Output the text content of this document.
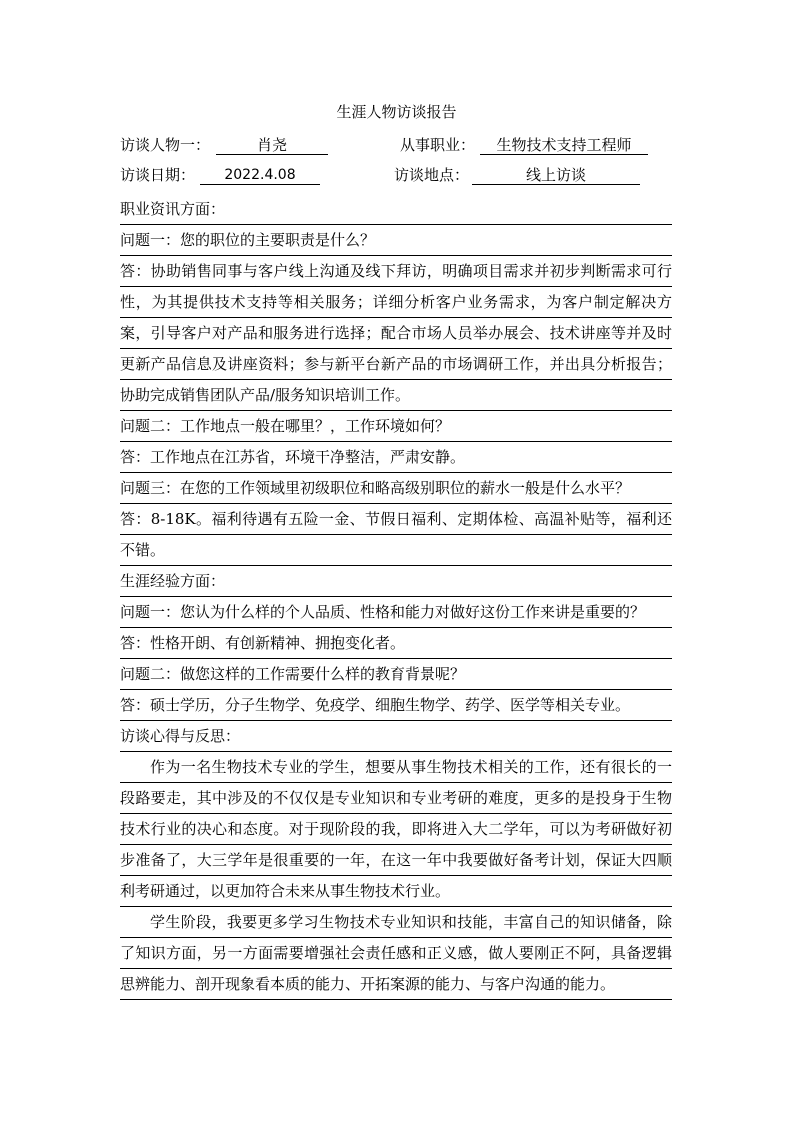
生涯人物访谈报告
访谈人物一：	肖尧	从事职业：	生物技术支持工程师
访谈日期：	2022.4.08	访谈地点：	线上访谈
职业资讯方面：
问题一：您的职位的主要职责是什么？
答：协助销售同事与客户线上沟通及线下拜访，明确项目需求并初步判断需求可行性，为其提供技术支持等相关服务；详细分析客户业务需求，为客户制定解决方案，引导客户对产品和服务进行选择；配合市场人员举办展会、技术讲座等并及时更新产品信息及讲座资料；参与新平台新产品的市场调研工作，并出具分析报告；协助完成销售团队产品/服务知识培训工作。
问题二：工作地点一般在哪里？，工作环境如何？
答：工作地点在江苏省，环境干净整洁，严肃安静。
问题三：在您的工作领域里初级职位和略高级别职位的薪水一般是什么水平？
答：8-18K。福利待遇有五险一金、节假日福利、定期体检、高温补贴等，福利还不错。
生涯经验方面：
问题一：您认为什么样的个人品质、性格和能力对做好这份工作来讲是重要的？
答：性格开朗、有创新精神、拥抱变化者。
问题二：做您这样的工作需要什么样的教育背景呢？
答：硕士学历，分子生物学、免疫学、细胞生物学、药学、医学等相关专业。
访谈心得与反思：
作为一名生物技术专业的学生，想要从事生物技术相关的工作，还有很长的一段路要走，其中涉及的不仅仅是专业知识和专业考研的难度，更多的是投身于生物技术行业的决心和态度。对于现阶段的我，即将进入大二学年，可以为考研做好初步准备了，大三学年是很重要的一年，在这一年中我要做好备考计划，保证大四顺利考研通过，以更加符合未来从事生物技术行业。
学生阶段，我要更多学习生物技术专业知识和技能，丰富自己的知识储备，除了知识方面，另一方面需要增强社会责任感和正义感，做人要刚正不阿，具备逻辑思辨能力、剖开现象看本质的能力、开拓案源的能力、与客户沟通的能力。
